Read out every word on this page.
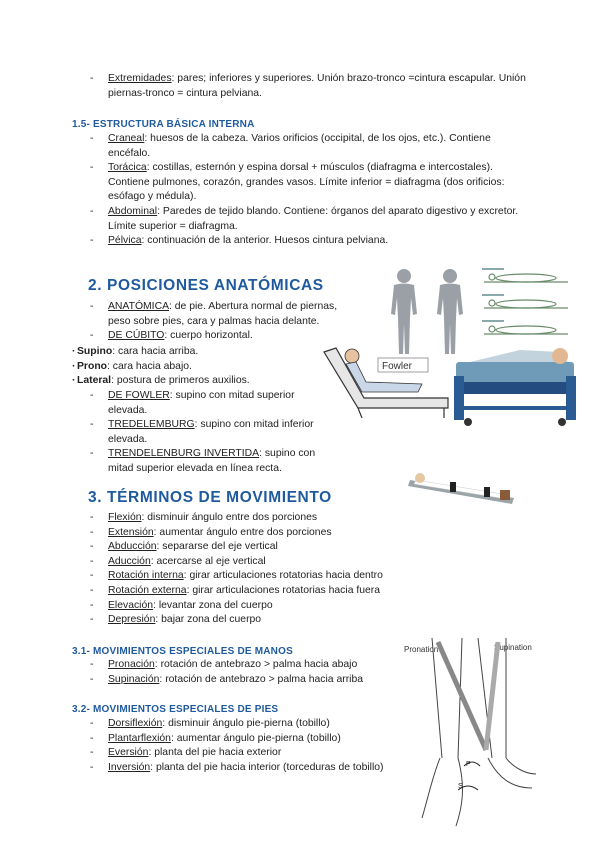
- Extremidades: pares; inferiores y superiores. Unión brazo-tronco =cintura escapular. Unión piernas-tronco = cintura pelviana.
1.5- ESTRUCTURA BÁSICA INTERNA
- Craneal: huesos de la cabeza. Varios orificios (occipital, de los ojos, etc.). Contiene encéfalo.
- Torácica: costillas, esternón y espina dorsal + músculos (diafragma e intercostales). Contiene pulmones, corazón, grandes vasos. Límite inferior = diafragma (dos orificios: esófago y médula).
- Abdominal: Paredes de tejido blando. Contiene: órganos del aparato digestivo y excretor. Límite superior = diafragma.
- Pélvica: continuación de la anterior. Huesos cintura pelviana.
2. POSICIONES ANATÓMICAS
- ANATÓMICA: de pie. Abertura normal de piernas, peso sobre pies, cara y palmas hacia delante.
- DE CÚBITO: cuerpo horizontal.
· Supino: cara hacia arriba.
· Prono: cara hacia abajo.
· Lateral: postura de primeros auxilios.
- DE FOWLER: supino con mitad superior elevada.
- TREDELEMBURG: supino con mitad inferior elevada.
- TRENDELENBURG INVERTIDA: supino con mitad superior elevada en línea recta.
Fowler
3. TÉRMINOS DE MOVIMIENTO
- Flexión: disminuir ángulo entre dos porciones
- Extensión: aumentar ángulo entre dos porciones
- Abducción: separarse del eje vertical
- Aducción: acercarse al eje vertical
- Rotación interna: girar articulaciones rotatorias hacia dentro
- Rotación externa: girar articulaciones rotatorias hacia fuera
- Elevación: levantar zona del cuerpo
- Depresión: bajar zona del cuerpo
3.1- MOVIMIENTOS ESPECIALES DE MANOS
- Pronación: rotación de antebrazo > palma hacia abajo
- Supinación: rotación de antebrazo > palma hacia arriba
3.2- MOVIMIENTOS ESPECIALES DE PIES
- Dorsiflexión: disminuir ángulo pie-pierna (tobillo)
- Plantarflexión: aumentar ángulo pie-pierna (tobillo)
- Eversión: planta del pie hacia exterior
- Inversión: planta del pie hacia interior (torceduras de tobillo)
Pronation	Supination
P
S
